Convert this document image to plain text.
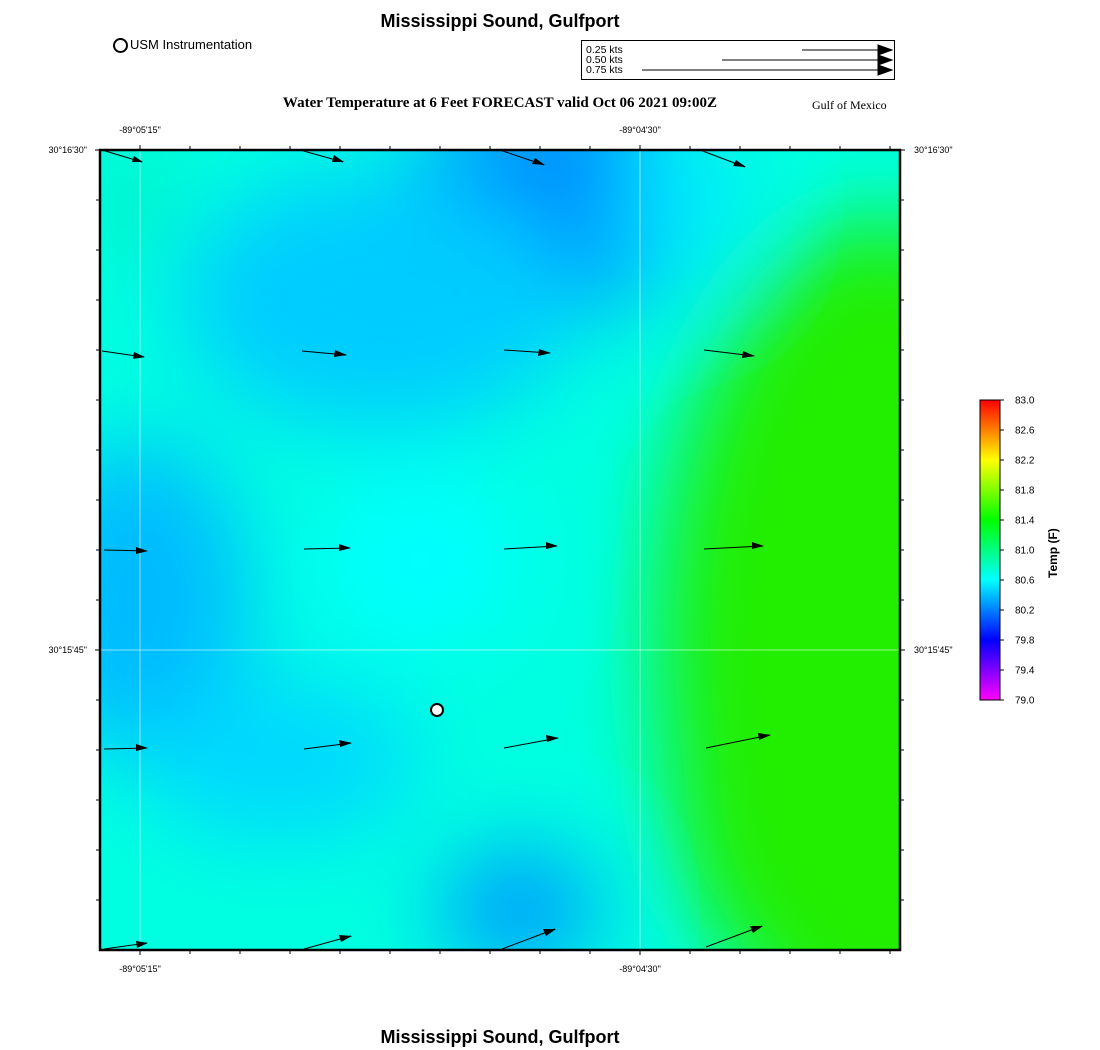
Mississippi Sound, Gulfport
USM Instrumentation	0.25 kts
0.50 kts
0.75 kts
Water Temperature at 6 Feet FORECAST valid Oct 06 2021 09:00Z	Gulf of Mexico
-89°05'15"	-89°04'30"
-89°05'15"	-89°04'30"
30°16'30"
30°15'45"
30°16'30"
30°15'45"
83.0
82.6
82.2
81.8
81.4
81.0
80.6
80.2
79.8
79.4
79.0
Temp (F)
Mississippi Sound, Gulfport
